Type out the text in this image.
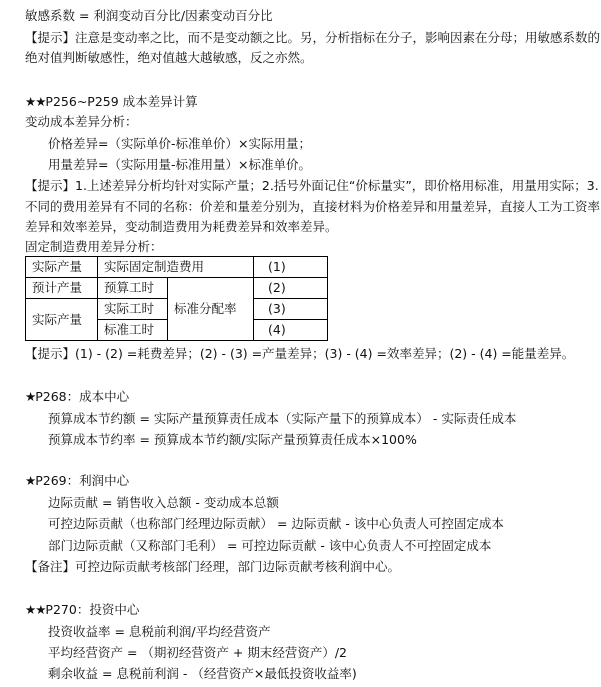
敏感系数 = 利润变动百分比/因素变动百分比
【提示】注意是变动率之比，而不是变动额之比。另，分析指标在分子，影响因素在分母；用敏感系数的
绝对值判断敏感性，绝对值越大越敏感，反之亦然。
★★P256~P259 成本差异计算
变动成本差异分析：
价格差异=（实际单价-标准单价）×实际用量；
用量差异=（实际用量-标准用量）×标准单价。
【提示】1.上述差异分析均针对实际产量；2.括号外面记住“价标量实”，即价格用标准，用量用实际；3.
不同的费用差异有不同的名称：价差和量差分别为，直接材料为价格差异和用量差异，直接人工为工资率
差异和效率差异，变动制造费用为耗费差异和效率差异。
固定制造费用差异分析：
实际产量	实际固定制造费用		(1)
预计产量	预算工时	标准分配率	(2)
实际产量	实际工时		(3)
	标准工时		(4)
【提示】(1) - (2) =耗费差异；(2) - (3) =产量差异；(3) - (4) =效率差异；(2) - (4) =能量差异。
★P268：成本中心
预算成本节约额 = 实际产量预算责任成本（实际产量下的预算成本） - 实际责任成本
预算成本节约率 = 预算成本节约额/实际产量预算责任成本×100%
★P269：利润中心
边际贡献 = 销售收入总额 - 变动成本总额
可控边际贡献（也称部门经理边际贡献） = 边际贡献 - 该中心负责人可控固定成本
部门边际贡献（又称部门毛利） = 可控边际贡献 - 该中心负责人不可控固定成本
【备注】可控边际贡献考核部门经理，部门边际贡献考核利润中心。
★★P270：投资中心
投资收益率 = 息税前利润/平均经营资产
平均经营资产 = （期初经营资产 + 期末经营资产）/2
剩余收益 = 息税前利润 - （经营资产×最低投资收益率)
